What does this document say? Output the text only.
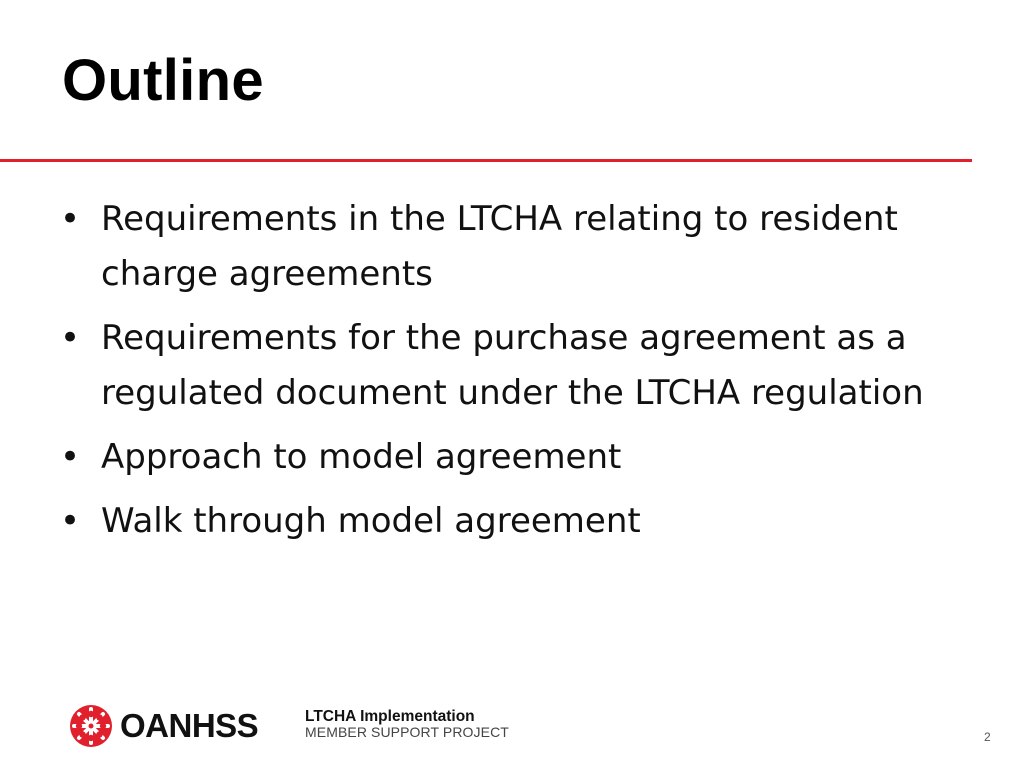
Outline
• Requirements in the LTCHA relating to resident charge agreements
• Requirements for the purchase agreement as a regulated document under the LTCHA regulation
• Approach to model agreement
• Walk through model agreement
OANHSS	LTCHA Implementation
MEMBER SUPPORT PROJECT	2
